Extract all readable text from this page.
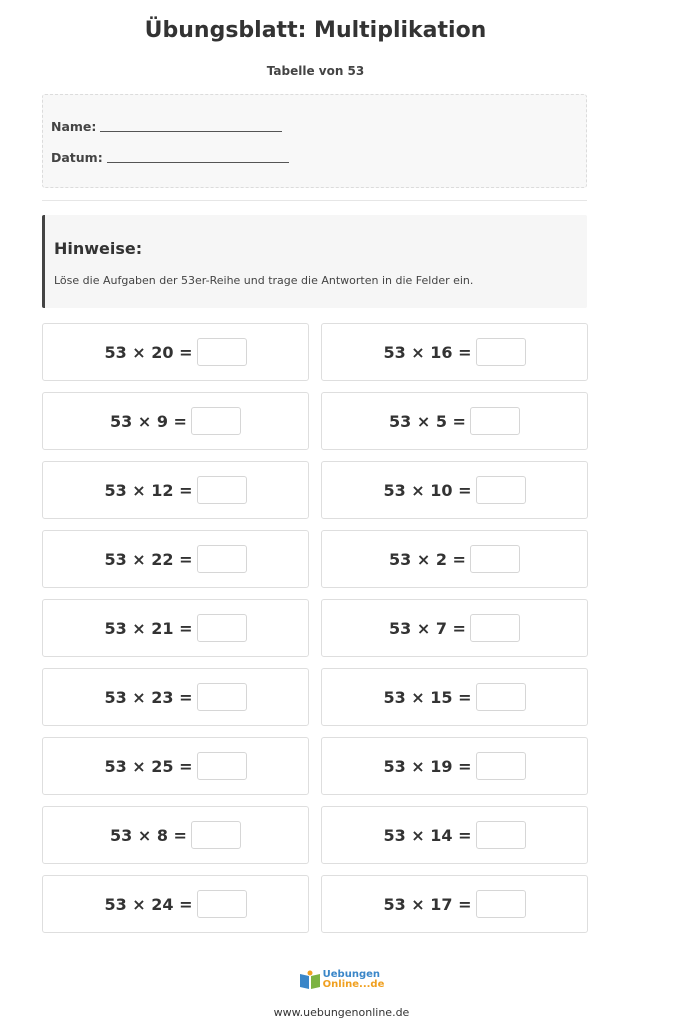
Übungsblatt: Multiplikation
Tabelle von 53
Name:
Datum:
Hinweise:
Löse die Aufgaben der 53er-Reihe und trage die Antworten in die Felder ein.
53 × 20 =	53 × 16 =
53 × 9 =	53 × 5 =
53 × 12 =	53 × 10 =
53 × 22 =	53 × 2 =
53 × 21 =	53 × 7 =
53 × 23 =	53 × 15 =
53 × 25 =	53 × 19 =
53 × 8 =	53 × 14 =
53 × 24 =	53 × 17 =
Uebungen
Online...de
www.uebungenonline.de
